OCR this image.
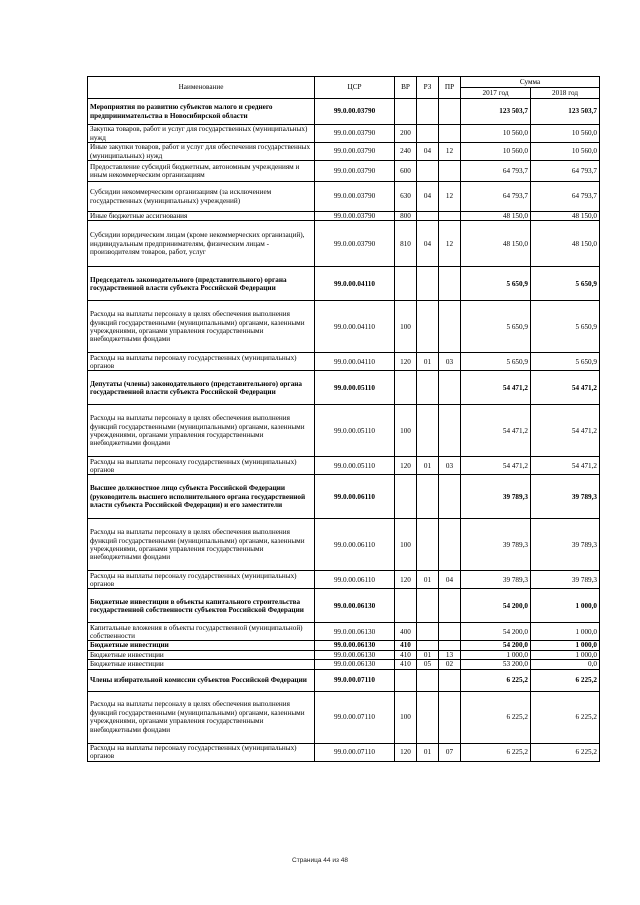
Наименование	ЦСР	ВР	РЗ	ПР	Сумма	
					2017 год	2018 год
Мероприятия по развитию субъектов малого и среднего предпринимательства в Новосибирской области	99.0.00.03790				123 503,7	123 503,7
Закупка товаров, работ и услуг для государственных (муниципальных) нужд	99.0.00.03790	200			10 560,0	10 560,0
Иные закупки товаров, работ и услуг для обеспечения государственных (муниципальных) нужд	99.0.00.03790	240	04	12	10 560,0	10 560,0
Предоставление субсидий бюджетным, автономным учреждениям и иным некоммерческим организациям	99.0.00.03790	600			64 793,7	64 793,7
Субсидии некоммерческим организациям (за исключением государственных (муниципальных) учреждений)	99.0.00.03790	630	04	12	64 793,7	64 793,7
Иные бюджетные ассигнования	99.0.00.03790	800			48 150,0	48 150,0
Субсидии юридическим лицам (кроме некоммерческих организаций), индивидуальным предпринимателям, физическим лицам - производителям товаров, работ, услуг	99.0.00.03790	810	04	12	48 150,0	48 150,0
Председатель законодательного (представительного) органа государственной власти субъекта Российской Федерации	99.0.00.04110				5 650,9	5 650,9
Расходы на выплаты персоналу в целях обеспечения выполнения функций государственными (муниципальными) органами, казенными учреждениями, органами управления государственными внебюджетными фондами	99.0.00.04110	100			5 650,9	5 650,9
Расходы на выплаты персоналу государственных (муниципальных) органов	99.0.00.04110	120	01	03	5 650,9	5 650,9
Депутаты (члены) законодательного (представительного) органа государственной власти субъекта Российской Федерации	99.0.00.05110				54 471,2	54 471,2
Расходы на выплаты персоналу в целях обеспечения выполнения функций государственными (муниципальными) органами, казенными учреждениями, органами управления государственными внебюджетными фондами	99.0.00.05110	100			54 471,2	54 471,2
Расходы на выплаты персоналу государственных (муниципальных) органов	99.0.00.05110	120	01	03	54 471,2	54 471,2
Высшее должностное лицо субъекта Российской Федерации (руководитель высшего исполнительного органа государственной власти субъекта Российской Федерации) и его заместители	99.0.00.06110				39 789,3	39 789,3
Расходы на выплаты персоналу в целях обеспечения выполнения функций государственными (муниципальными) органами, казенными учреждениями, органами управления государственными внебюджетными фондами	99.0.00.06110	100			39 789,3	39 789,3
Расходы на выплаты персоналу государственных (муниципальных) органов	99.0.00.06110	120	01	04	39 789,3	39 789,3
Бюджетные инвестиции в объекты капитального строительства государственной собственности субъектов Российской Федерации	99.0.00.06130				54 200,0	1 000,0
Капитальные вложения в объекты государственной (муниципальной) собственности	99.0.00.06130	400			54 200,0	1 000,0
Бюджетные инвестиции	99.0.00.06130	410			54 200,0	1 000,0
Бюджетные инвестиции	99.0.00.06130	410	01	13	1 000,0	1 000,0
Бюджетные инвестиции	99.0.00.06130	410	05	02	53 200,0	0,0
Члены избирательной комиссии субъектов Российской Федерации	99.0.00.07110				6 225,2	6 225,2
Расходы на выплаты персоналу в целях обеспечения выполнения функций государственными (муниципальными) органами, казенными учреждениями, органами управления государственными внебюджетными фондами	99.0.00.07110	100			6 225,2	6 225,2
Расходы на выплаты персоналу государственных (муниципальных) органов	99.0.00.07110	120	01	07	6 225,2	6 225,2
Страница 44 из 48
